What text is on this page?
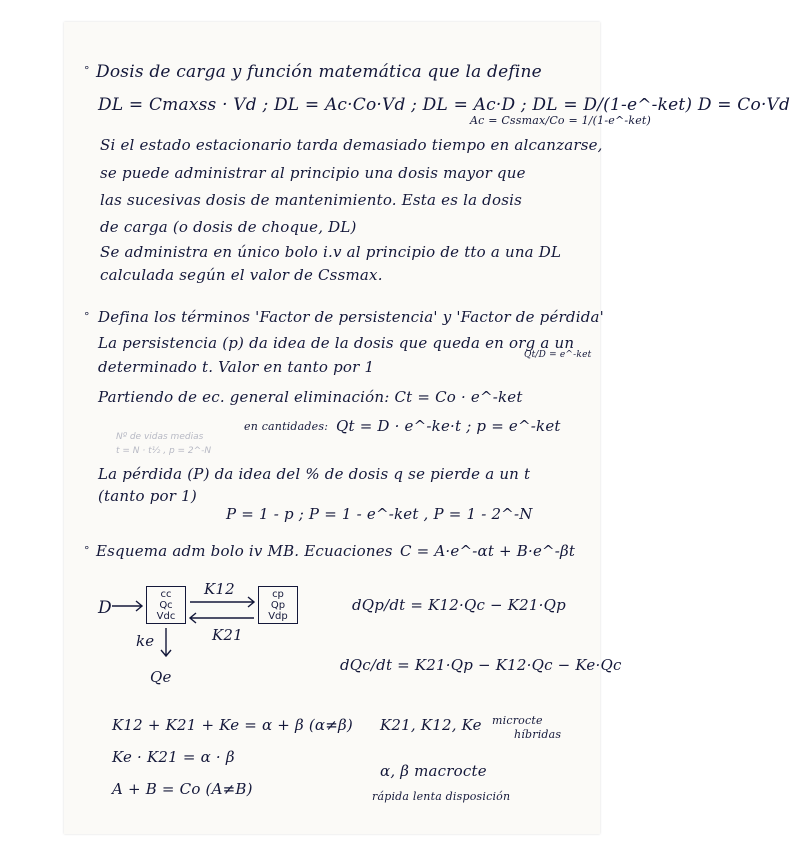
° Dosis de carga y función matemática que la define
DL = Cmaxss · Vd ; DL = Ac·Co·Vd ; DL = Ac·D ; DL = D/(1-e^-ket) D = Co·Vd
Ac = Cssmax/Co = 1/(1-e^-ket)
Si el estado estacionario tarda demasiado tiempo en alcanzarse,
se puede administrar al principio una dosis mayor que
las sucesivas dosis de mantenimiento. Esta es la dosis
de carga (o dosis de choque, DL)
Se administra en único bolo i.v al principio de tto a una DL
calculada según el valor de Cssmax.
° Defina los términos 'Factor de persistencia' y 'Factor de pérdida'
La persistencia (p) da idea de la dosis que queda en org a un
determinado t. Valor en tanto por 1
Qt/D = e^-ket
Partiendo de ec. general eliminación: Ct = Co · e^-ket
en cantidades: Qt = D · e^-ke·t ; p = e^-ket
Nº de vidas medias
t = N · t½ , p = 2^-N
La pérdida (P) da idea del % de dosis q se pierde a un t
(tanto por 1)
P = 1 - p ; P = 1 - e^-ket , P = 1 - 2^-N
° Esquema adm bolo iv MB. Ecuaciones C = A·e^-αt + B·e^-βt
D
cc
Qc
Vdc
cp
Qp
Vdp
K12
K21
ke
Qe
dQp/dt = K12·Qc − K21·Qp
dQc/dt = K21·Qp − K12·Qc − Ke·Qc
K12 + K21 + Ke = α + β (α≠β)
Ke · K21 = α · β
A + B = Co (A≠B)
K21, K12, Ke microcte
híbridas
α, β macrocte
rápida lenta disposición
